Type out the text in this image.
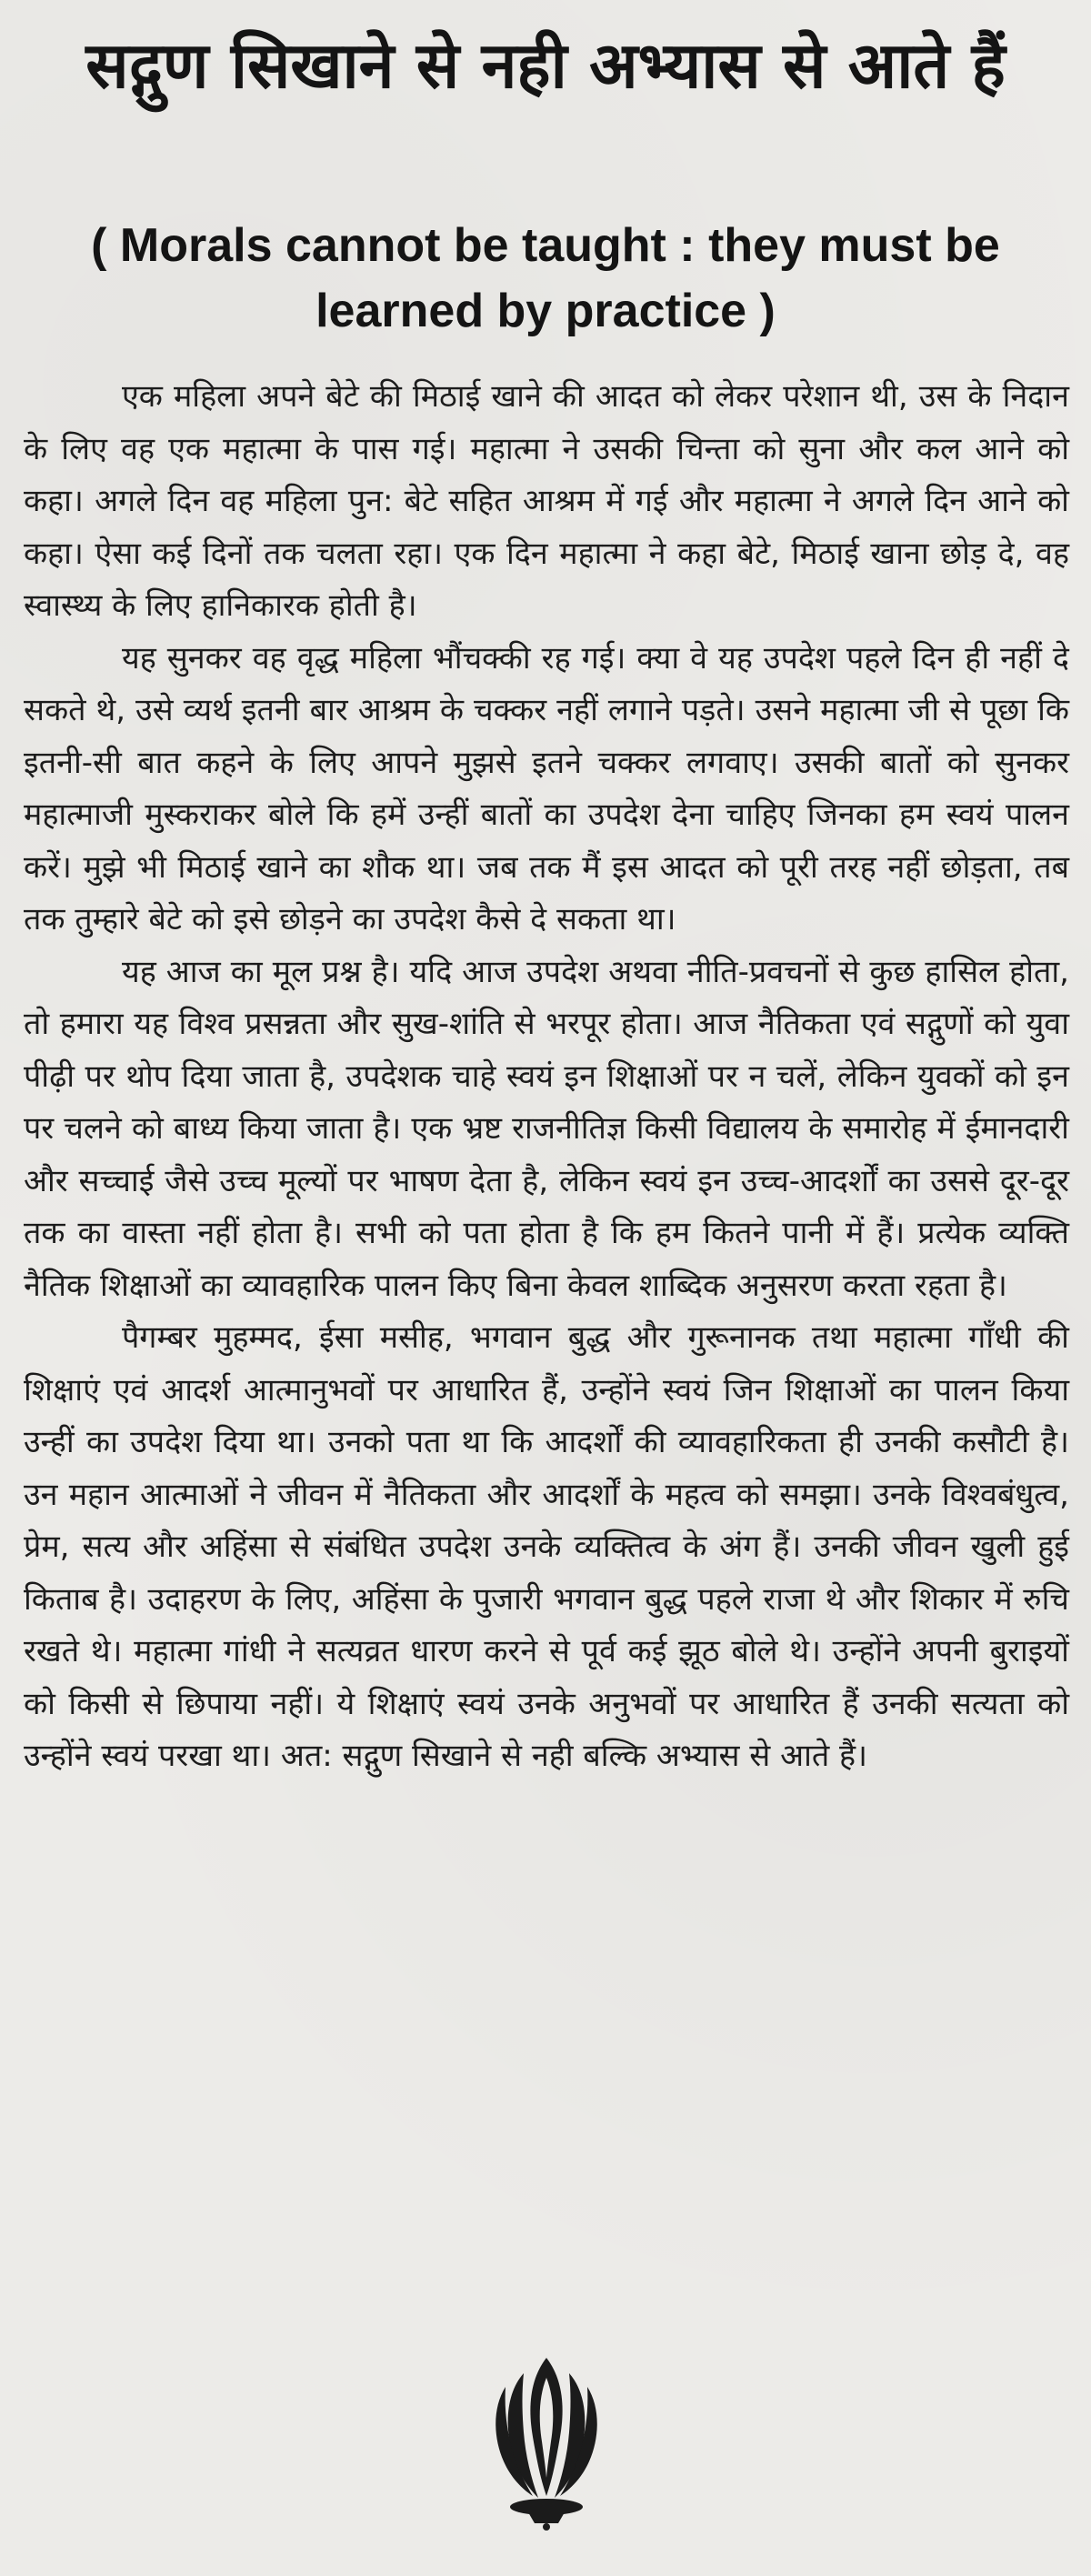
सद्गुण सिखाने से नही अभ्यास से आते हैं
( Morals cannot be taught : they must be learned by practice )

एक महिला अपने बेटे की मिठाई खाने की आदत को लेकर परेशान थी, उस के निदान के लिए वह एक महात्मा के पास गई। महात्मा ने उसकी चिन्ता को सुना और कल आने को कहा। अगले दिन वह महिला पुन: बेटे सहित आश्रम में गई और महात्मा ने अगले दिन आने को कहा। ऐसा कई दिनों तक चलता रहा। एक दिन महात्मा ने कहा बेटे, मिठाई खाना छोड़ दे, वह स्वास्थ्य के लिए हानिकारक होती है।

यह सुनकर वह वृद्ध महिला भौंचक्की रह गई। क्या वे यह उपदेश पहले दिन ही नहीं दे सकते थे, उसे व्यर्थ इतनी बार आश्रम के चक्कर नहीं लगाने पड़ते। उसने महात्मा जी से पूछा कि इतनी-सी बात कहने के लिए आपने मुझसे इतने चक्कर लगवाए। उसकी बातों को सुनकर महात्माजी मुस्कराकर बोले कि हमें उन्हीं बातों का उपदेश देना चाहिए जिनका हम स्वयं पालन करें। मुझे भी मिठाई खाने का शौक था। जब तक मैं इस आदत को पूरी तरह नहीं छोड़ता, तब तक तुम्हारे बेटे को इसे छोड़ने का उपदेश कैसे दे सकता था।

यह आज का मूल प्रश्न है। यदि आज उपदेश अथवा नीति-प्रवचनों से कुछ हासिल होता, तो हमारा यह विश्व प्रसन्नता और सुख-शांति से भरपूर होता। आज नैतिकता एवं सद्गुणों को युवा पीढ़ी पर थोप दिया जाता है, उपदेशक चाहे स्वयं इन शिक्षाओं पर न चलें, लेकिन युवकों को इन पर चलने को बाध्य किया जाता है। एक भ्रष्ट राजनीतिज्ञ किसी विद्यालय के समारोह में ईमानदारी और सच्चाई जैसे उच्च मूल्यों पर भाषण देता है, लेकिन स्वयं इन उच्च-आदर्शों का उससे दूर-दूर तक का वास्ता नहीं होता है। सभी को पता होता है कि हम कितने पानी में हैं। प्रत्येक व्यक्ति नैतिक शिक्षाओं का व्यावहारिक पालन किए बिना केवल शाब्दिक अनुसरण करता रहता है।

पैगम्बर मुहम्मद, ईसा मसीह, भगवान बुद्ध और गुरूनानक तथा महात्मा गाँधी की शिक्षाएं एवं आदर्श आत्मानुभवों पर आधारित हैं, उन्होंने स्वयं जिन शिक्षाओं का पालन किया उन्हीं का उपदेश दिया था। उनको पता था कि आदर्शों की व्यावहारिकता ही उनकी कसौटी है। उन महान आत्माओं ने जीवन में नैतिकता और आदर्शों के महत्व को समझा। उनके विश्वबंधुत्व, प्रेम, सत्य और अहिंसा से संबंधित उपदेश उनके व्यक्तित्व के अंग हैं। उनकी जीवन खुली हुई किताब है। उदाहरण के लिए, अहिंसा के पुजारी भगवान बुद्ध पहले राजा थे और शिकार में रुचि रखते थे। महात्मा गांधी ने सत्यव्रत धारण करने से पूर्व कई झूठ बोले थे। उन्होंने अपनी बुराइयों को किसी से छिपाया नहीं। ये शिक्षाएं स्वयं उनके अनुभवों पर आधारित हैं उनकी सत्यता को उन्होंने स्वयं परखा था। अत: सद्गुण सिखाने से नही बल्कि अभ्यास से आते हैं।
